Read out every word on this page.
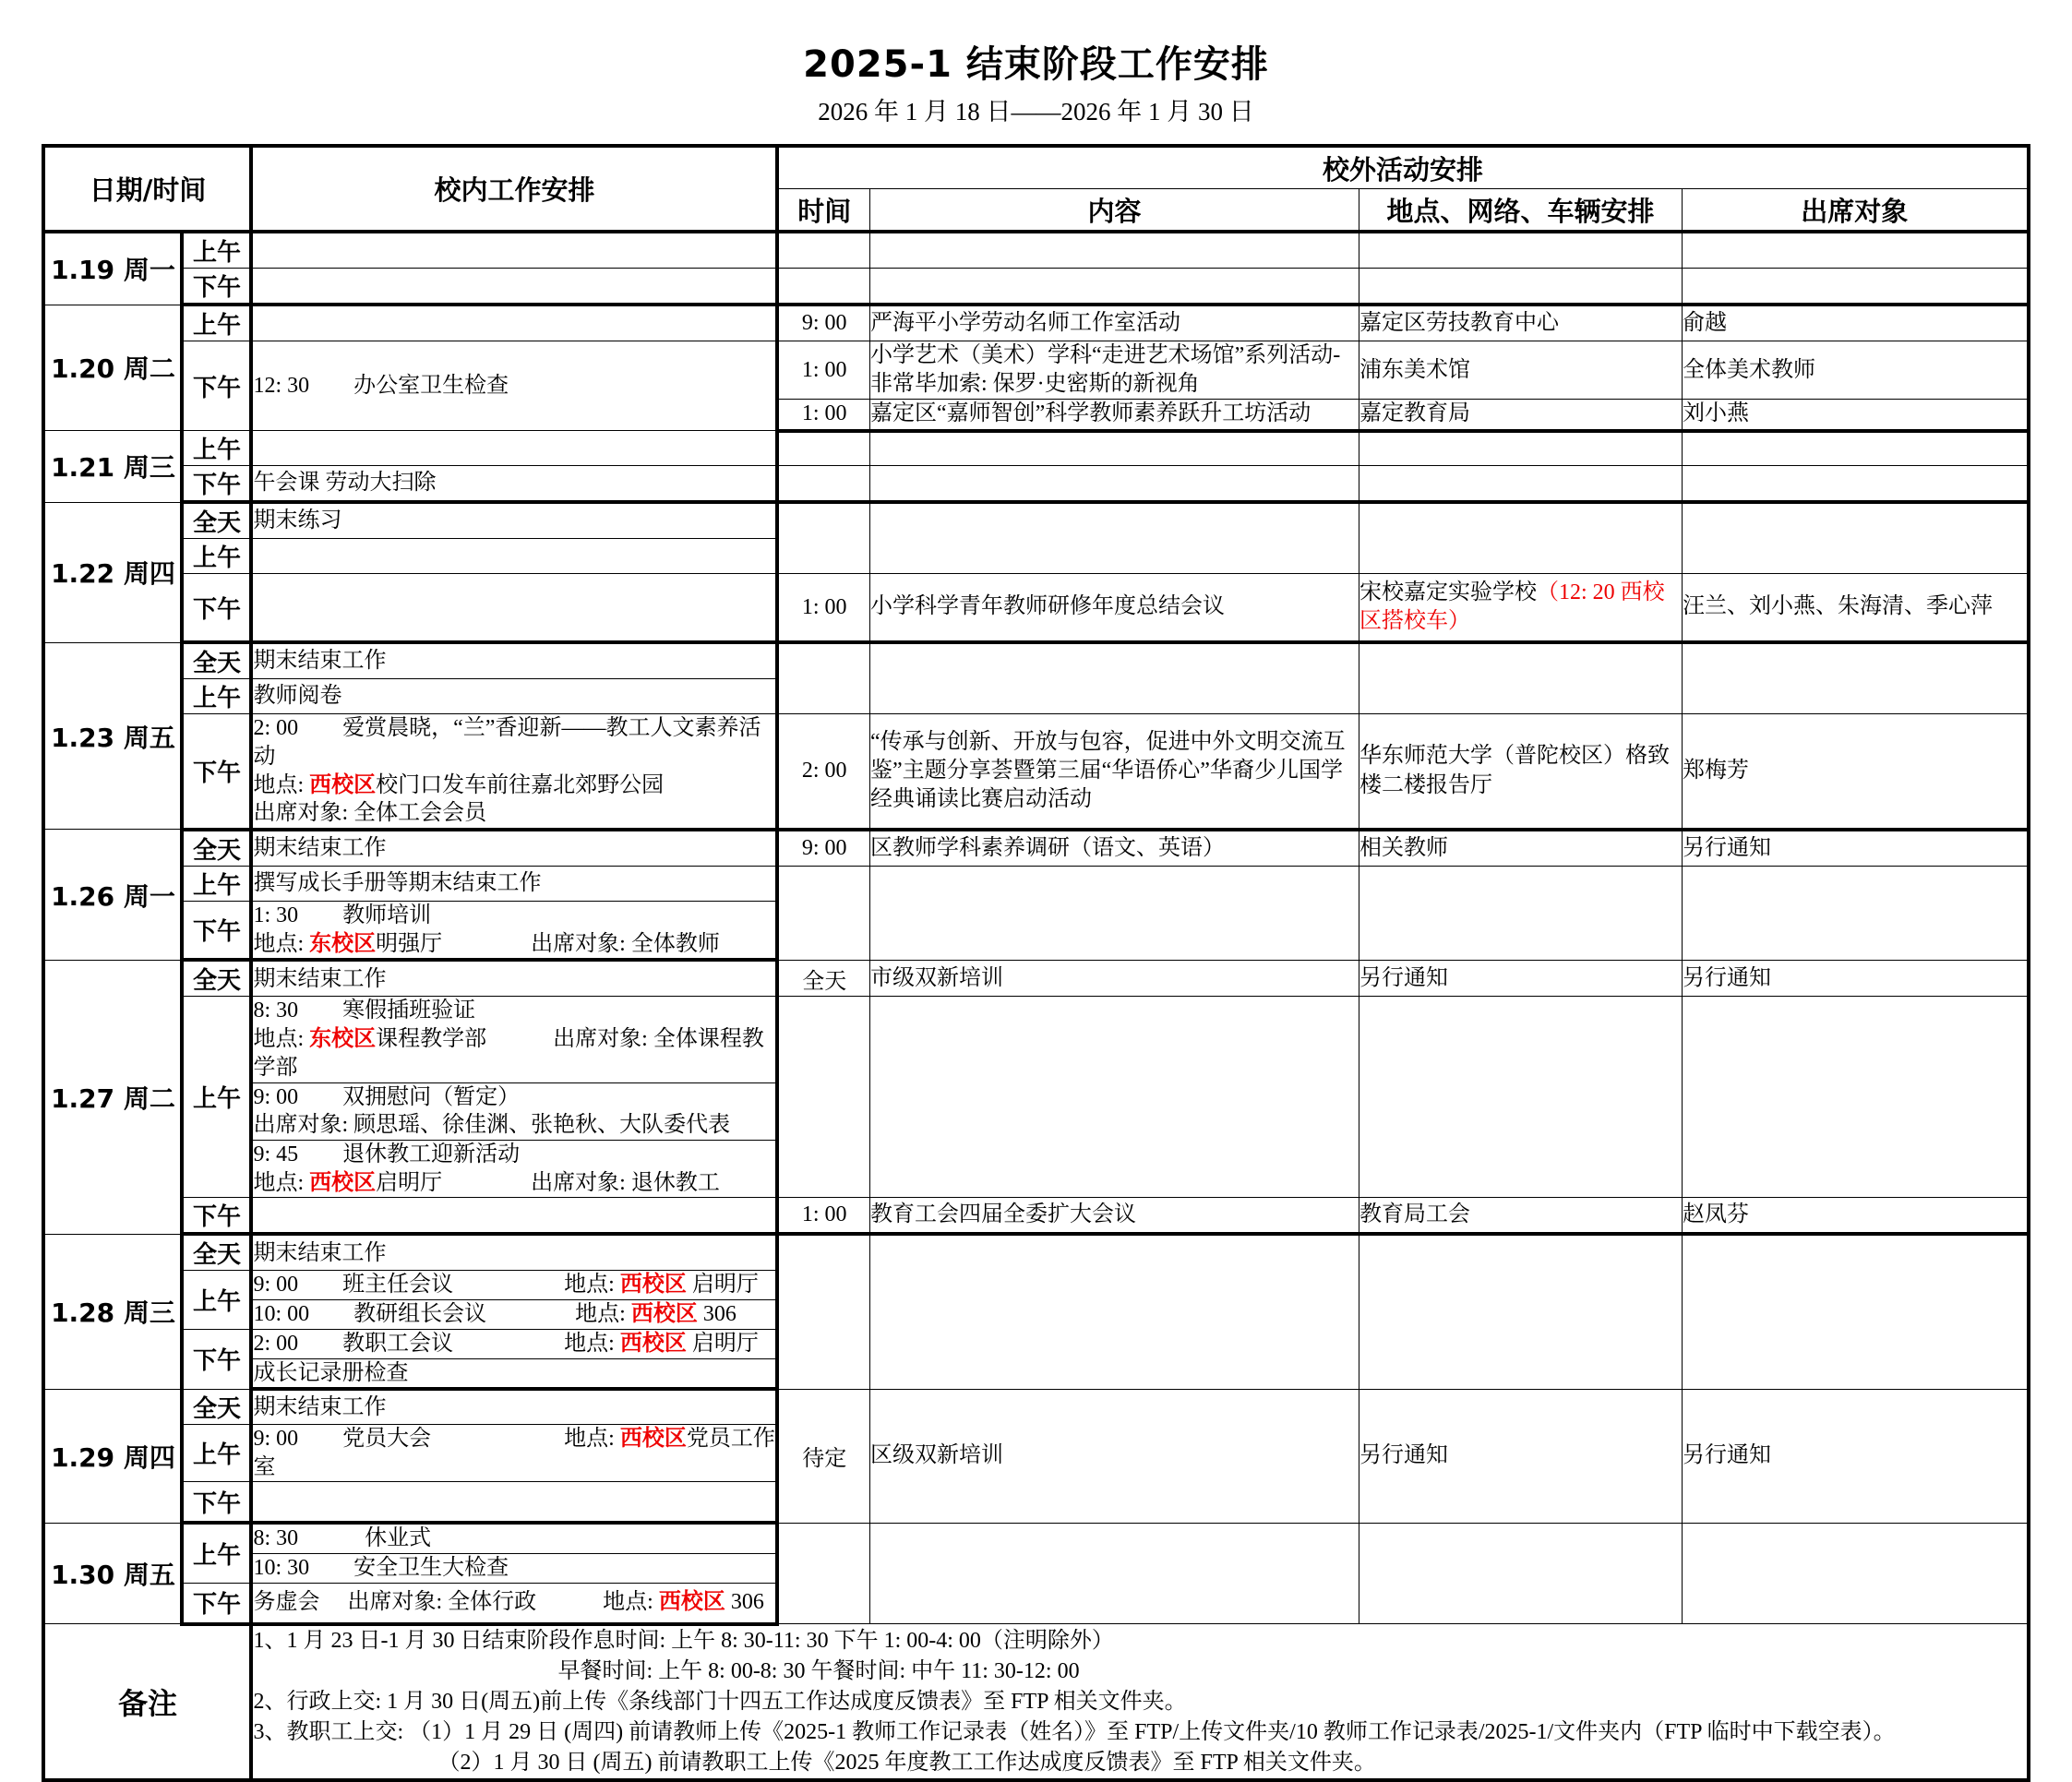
2025-1 结束阶段工作安排
2026 年 1 月 18 日——2026 年 1 月 30 日
日期/时间		校内工作安排	校外活动安排			
			时间	内容	地点、网络、车辆安排	出席对象
1.19 周一	上午					
	下午					
1.20 周二	上午		9: 00	严海平小学劳动名师工作室活动	嘉定区劳技教育中心	俞越
	下午	12: 30　　办公室卫生检查	1: 00	小学艺术（美术）学科“走进艺术场馆”系列活动-非常毕加索: 保罗·史密斯的新视角	浦东美术馆	全体美术教师
			1: 00	嘉定区“嘉师智创”科学教师素养跃升工坊活动	嘉定教育局	刘小燕
1.21 周三	上午					
	下午	午会课 劳动大扫除				
1.22 周四	全天	期末练习				
	上午					
	下午		1: 00	小学科学青年教师研修年度总结会议	宋校嘉定实验学校（12: 20 西校区搭校车）	汪兰、刘小燕、朱海清、季心萍
1.23 周五	全天	期末结束工作				
	上午	教师阅卷				
	下午	2: 00　　爱赏晨晓，“兰”香迎新——教工人文素养活动
地点: 西校区校门口发车前往嘉北郊野公园
出席对象: 全体工会会员	2: 00	“传承与创新、开放与包容，促进中外文明交流互鉴”主题分享荟暨第三届“华语侨心”华裔少儿国学经典诵读比赛启动活动	华东师范大学（普陀校区）格致楼二楼报告厅	郑梅芳
1.26 周一	全天	期末结束工作	9: 00	区教师学科素养调研（语文、英语）	相关教师	另行通知
	上午	撰写成长手册等期末结束工作				
	下午	1: 30　　教师培训
地点: 东校区明强厅　　　　出席对象: 全体教师				

1.27 周二	全天	期末结束工作	全天	市级双新培训	另行通知	另行通知
	上午	8: 30　　寒假插班验证
地点: 东校区课程教学部　　　出席对象: 全体课程教学部				

		9: 00　　双拥慰问（暂定）
出席对象: 顾思瑶、徐佳渊、张艳秋、大队委代表				

		9: 45　　退休教工迎新活动
地点: 西校区启明厅　　　　出席对象: 退休教工				

	下午		1: 00	教育工会四届全委扩大会议	教育局工会	赵凤芬
1.28 周三	全天	期末结束工作				
	上午	9: 00　　班主任会议　　　　　地点: 西校区 启明厅				
		10: 00　　教研组长会议　　　　地点: 西校区 306				
	下午	2: 00　　教职工会议　　　　　地点: 西校区 启明厅				
		成长记录册检查				
1.29 周四	全天	期末结束工作	待定	区级双新培训	另行通知	另行通知
	上午	9: 00　　党员大会　　　　　　地点: 西校区党员工作室				
	下午					
1.30 周五	上午	8: 30　　　休业式				
		10: 30　　安全卫生大检查				
	下午	务虚会　 出席对象: 全体行政　　　地点: 西校区 306				
备注		1、1 月 23 日-1 月 30 日结束阶段作息时间: 上午 8: 30-11: 30 下午 1: 00-4: 00（注明除外）
早餐时间: 上午 8: 00-8: 30 午餐时间: 中午 11: 30-12: 00
2、行政上交: 1 月 30 日(周五)前上传《条线部门十四五工作达成度反馈表》至 FTP 相关文件夹。
3、教职工上交: （1）1 月 29 日 (周四) 前请教师上传《2025-1 教师工作记录表（姓名）》至 FTP/上传文件夹/10 教师工作记录表/2025-1/文件夹内（FTP 临时中下载空表）。
（2）1 月 30 日 (周五) 前请教职工上传《2025 年度教工工作达成度反馈表》至 FTP 相关文件夹。				
